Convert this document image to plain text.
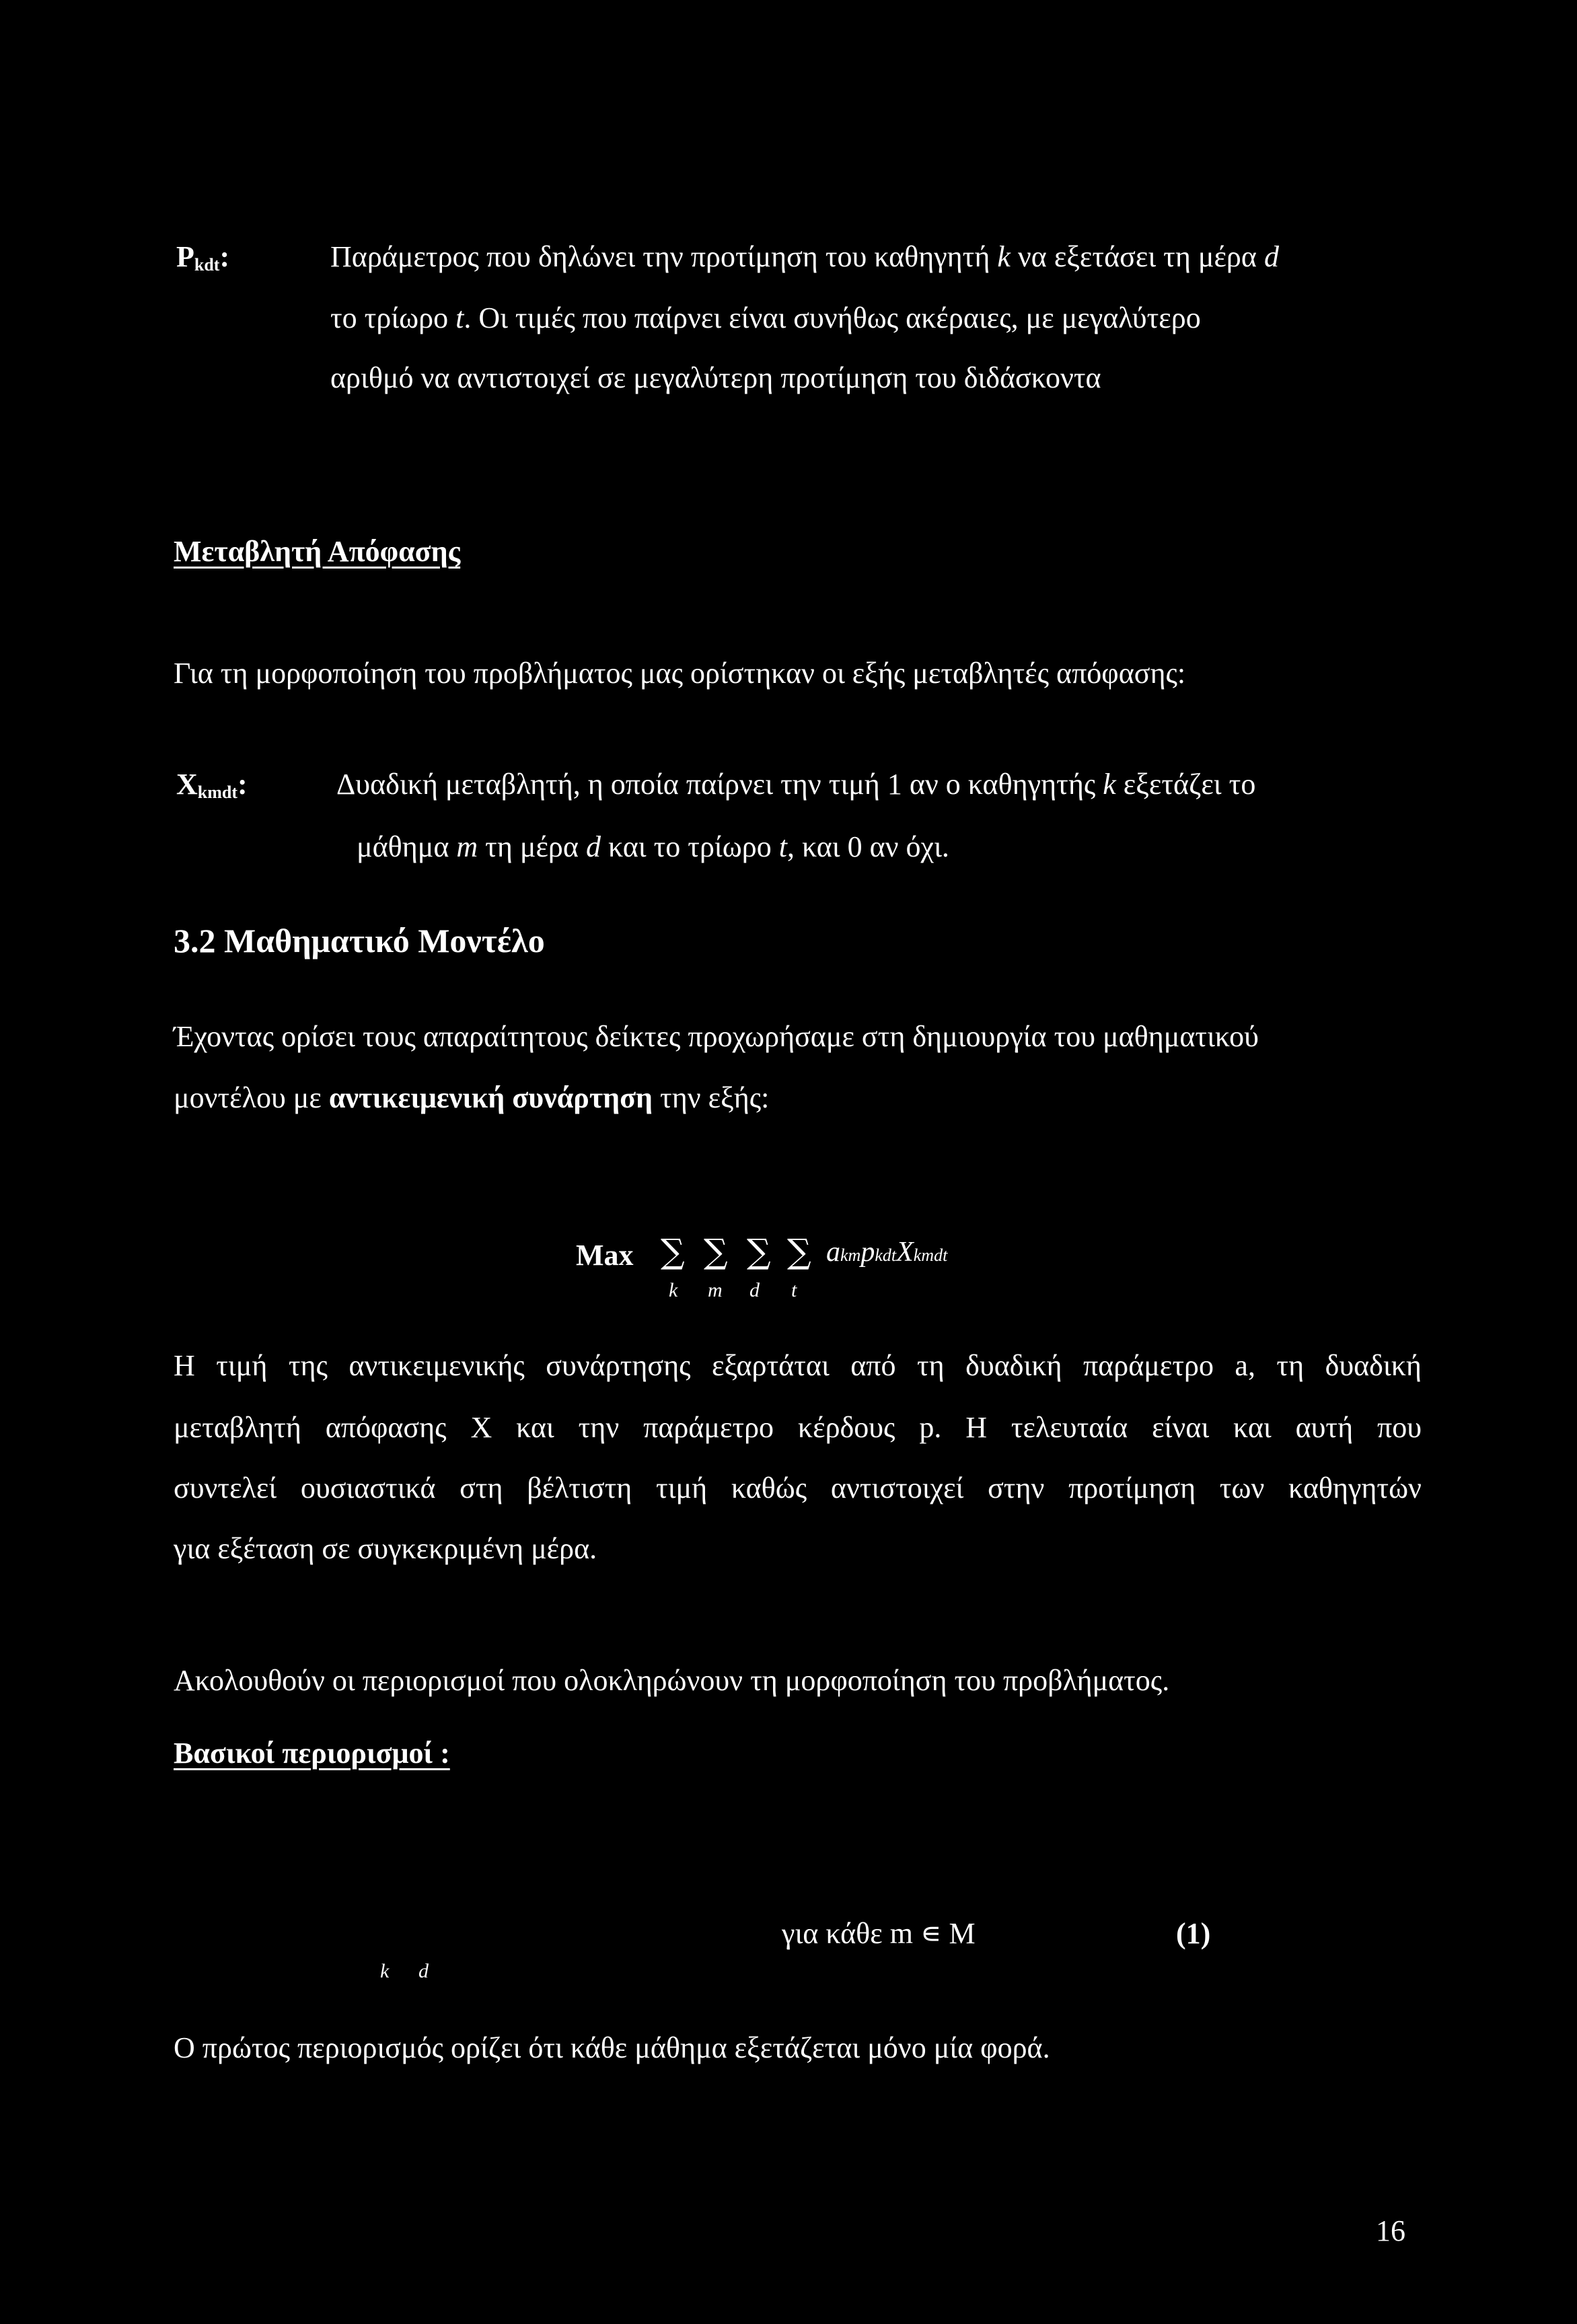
Pkdt:	Παράμετρος που δηλώνει την προτίμηση του καθηγητή k να εξετάσει τη μέρα d
το τρίωρο t. Οι τιμές που παίρνει είναι συνήθως ακέραιες, με μεγαλύτερο
αριθμό να αντιστοιχεί σε μεγαλύτερη προτίμηση του διδάσκοντα
Μεταβλητή Απόφασης
Για τη μορφοποίηση του προβλήματος μας ορίστηκαν οι εξής μεταβλητές απόφασης:
Xkmdt:	Δυαδική μεταβλητή, η οποία παίρνει την τιμή 1 αν ο καθηγητής k εξετάζει το
μάθημα m τη μέρα d και το τρίωρο t, και 0 αν όχι.
3.2 Μαθηματικό Μοντέλο
Έχοντας ορίσει τους απαραίτητους δείκτες προχωρήσαμε στη δημιουργία του μαθηματικού
μοντέλου με αντικειμενική συνάρτηση την εξής:
Max ∑ ∑ ∑ ∑
k m d t
akmpkdtXkmdt
Η τιμή της αντικειμενικής συνάρτησης εξαρτάται από τη δυαδική παράμετρο a, τη δυαδική
μεταβλητή απόφασης X και την παράμετρο κέρδους p. Η τελευταία είναι και αυτή που
συντελεί ουσιαστικά στη βέλτιστη τιμή καθώς αντιστοιχεί στην προτίμηση των καθηγητών
για εξέταση σε συγκεκριμένη μέρα.
Ακολουθούν οι περιορισμοί που ολοκληρώνουν τη μορφοποίηση του προβλήματος.
Βασικοί περιορισμοί :
k d
για κάθε m ∊ M	(1)
Ο πρώτος περιορισμός ορίζει ότι κάθε μάθημα εξετάζεται μόνο μία φορά.
16
